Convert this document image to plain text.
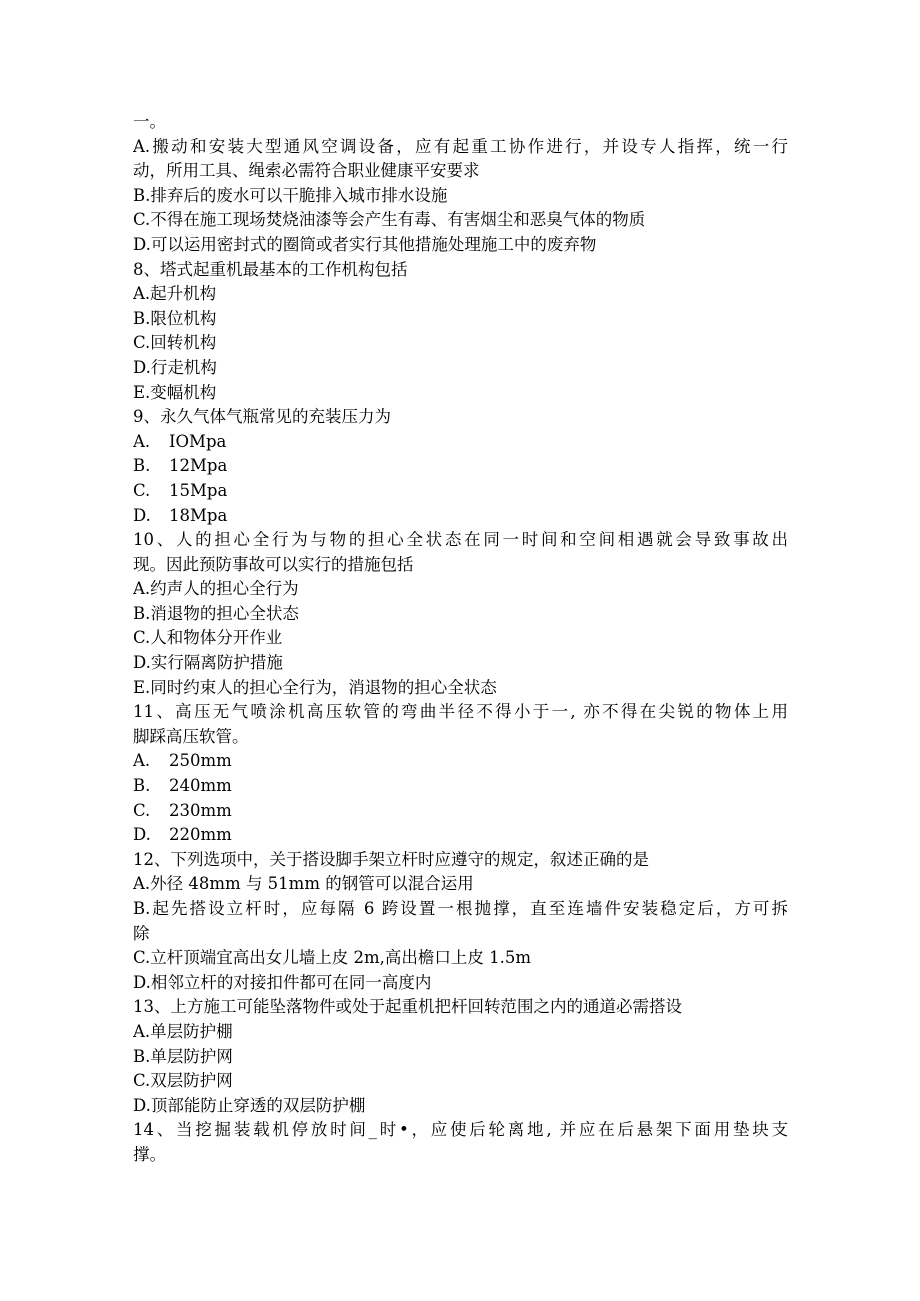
一。
A.搬动和安装大型通风空调设备，应有起重工协作进行，并设专人指挥，统一行
动，所用工具、绳索必需符合职业健康平安要求
B.排弃后的废水可以干脆排入城市排水设施
C.不得在施工现场焚烧油漆等会产生有毒、有害烟尘和恶臭气体的物质
D.可以运用密封式的圈筒或者实行其他措施处理施工中的废弃物
8、塔式起重机最基本的工作机构包括
A.起升机构
B.限位机构
C.回转机构
D.行走机构
E.变幅机构
9、永久气体气瓶常见的充装压力为
A.	IOMpa
B.	12Mpa
C.	15Mpa
D.	18Mpa
10、人的担心全行为与物的担心全状态在同一时间和空间相遇就会导致事故出
现。因此预防事故可以实行的措施包括
A.约声人的担心全行为
B.消退物的担心全状态
C.人和物体分开作业
D.实行隔离防护措施
E.同时约束人的担心全行为，消退物的担心全状态
11、高压无气喷涂机高压软管的弯曲半径不得小于一, 亦不得在尖锐的物体上用
脚踩高压软管。
A.	250mm
B.	240mm
C.	230mm
D.	220mm
12、下列选项中，关于搭设脚手架立杆时应遵守的规定，叙述正确的是
A.外径 48mm 与 51mm 的钢管可以混合运用
B.起先搭设立杆时，应每隔 6 跨设置一根抛撑，直至连墙件安装稳定后，方可拆
除
C.立杆顶端宜高出女儿墙上皮 2m,高出檐口上皮 1.5m
D.相邻立杆的对接扣件都可在同一高度内
13、上方施工可能坠落物件或处于起重机把杆回转范围之内的通道必需搭设
A.单层防护棚
B.单层防护网
C.双层防护网
D.顶部能防止穿透的双层防护棚
14、当挖掘装载机停放时间_时•，应使后轮离地, 并应在后悬架下面用垫块支
撑。
